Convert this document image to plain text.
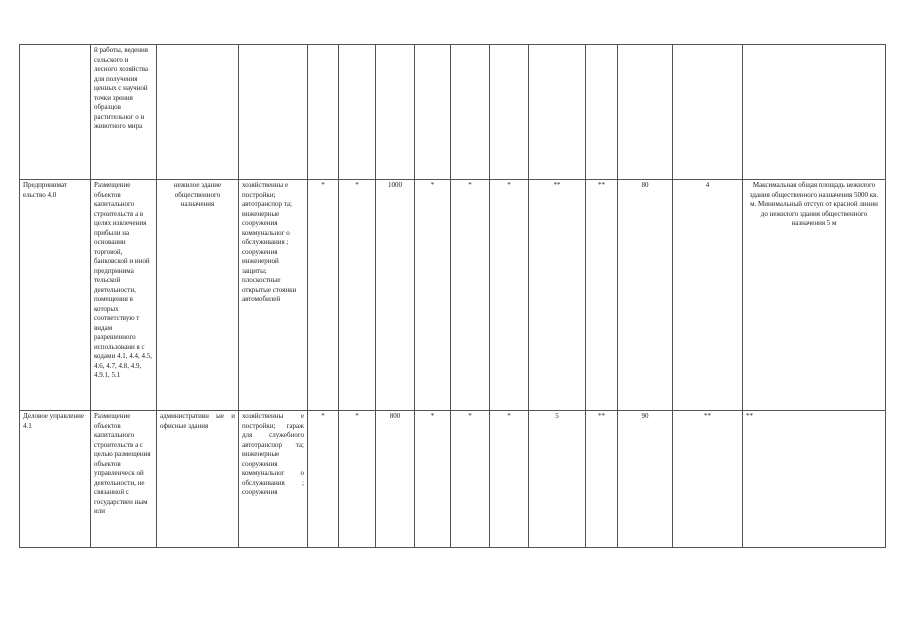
	й работы, ведения сельского и лесного хозяйства для получения ценных с научной точки зрения образцов растительног о и животного мира													

Предпринимат ельство 4.0	Размещение объектов капитального строительств а в целях извлечения прибыли на основании торговой, банковской и иной предпринима тельской деятельности, помещения в которых соответствую т видам разрешенного использовани я с кодами 4.1, 4.4, 4.5, 4.6, 4.7, 4.8, 4.9, 4.9.1, 5.1	нежилое здание общественного назначения	хозяйственны е постройки; автотранспор та; инженерные сооружения коммунальног о обслуживания ; сооружения инженерной защиты; плоскостные открытые стоянки автомобилей	*	*	1000	*	*	*	**	**	80	4	Максимальная общая площадь нежилого здания общественного назначения 5000 кв. м. Минимальный отступ от красной линии до нежилого здания общественного назначения 5 м

Деловое управление 4.1	Размещение объектов капитального строительств а с целью размещения объектов управленческ ой деятельности, не связанной с государствен ным или	административн ые и офисные здания	хозяйственны е постройки; гараж для служебного автотранспор та; инженерные сооружения коммунальног о обслуживания ; сооружения	*	*	800	*	*	*	5	**	90	**	**
